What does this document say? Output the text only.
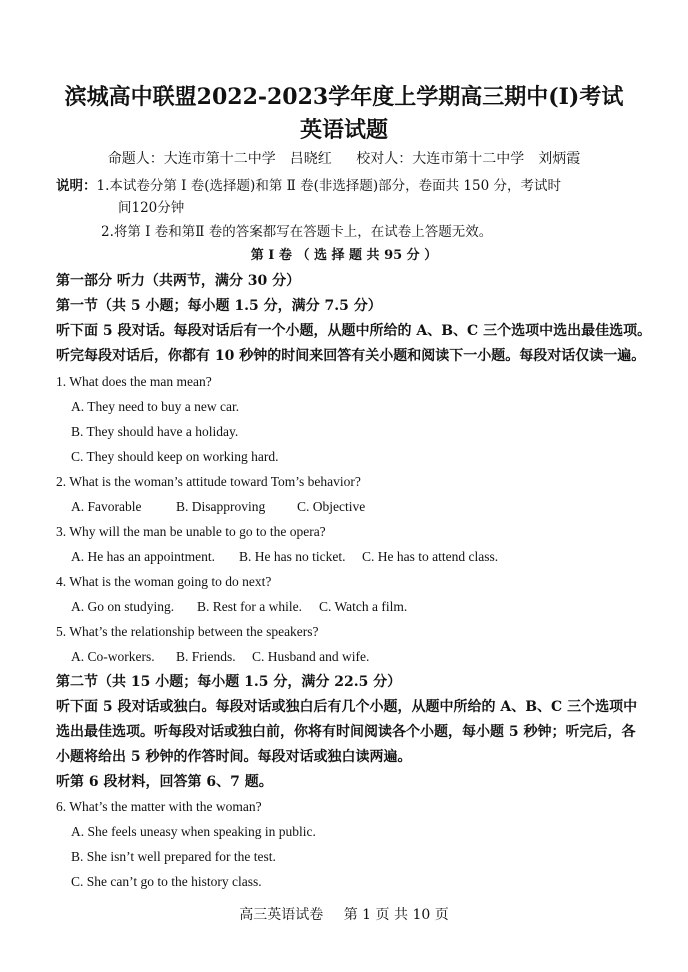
滨城高中联盟2022-2023学年度上学期高三期中(I)考试
英语试题
命题人：大连市第十二中学 吕晓红 校对人：大连市第十二中学 刘炳霞
说明：1.本试卷分第 Ⅰ 卷(选择题)和第 Ⅱ 卷(非选择题)部分，卷面共 150 分，考试时
间120分钟
2.将第 Ⅰ 卷和第Ⅱ 卷的答案都写在答题卡上，在试卷上答题无效。
第 Ⅰ 卷 （ 选 择 题 共 95 分 ）
第一部分 听力（共两节，满分 30 分）
第一节（共 5 小题；每小题 1.5 分，满分 7.5 分）
听下面 5 段对话。每段对话后有一个小题，从题中所给的 A、B、C 三个选项中选出最佳选项。
听完每段对话后，你都有 10 秒钟的时间来回答有关小题和阅读下一小题。每段对话仅读一遍。
1. What does the man mean?
A. They need to buy a new car.
B. They should have a holiday.
C. They should keep on working hard.
2. What is the woman’s attitude toward Tom’s behavior?
A. Favorable	B. Disapproving C. Objective
3. Why will the man be unable to go to the opera?
A. He has an appointment. B. He has no ticket. C. He has to attend class.
4. What is the woman going to do next?
A. Go on studying. B. Rest for a while. C. Watch a film.
5. What’s the relationship between the speakers?
A. Co-workers. B. Friends. C. Husband and wife.
第二节（共 15 小题；每小题 1.5 分，满分 22.5 分）
听下面 5 段对话或独白。每段对话或独白后有几个小题，从题中所给的 A、B、C 三个选项中
选出最佳选项。听每段对话或独白前，你将有时间阅读各个小题，每小题 5 秒钟；听完后，各
小题将给出 5 秒钟的作答时间。每段对话或独白读两遍。
听第 6 段材料，回答第 6、7 题。
6. What’s the matter with the woman?
A. She feels uneasy when speaking in public.
B. She isn’t well prepared for the test.
C. She can’t go to the history class.
高三英语试卷 第 1 页 共 10 页
